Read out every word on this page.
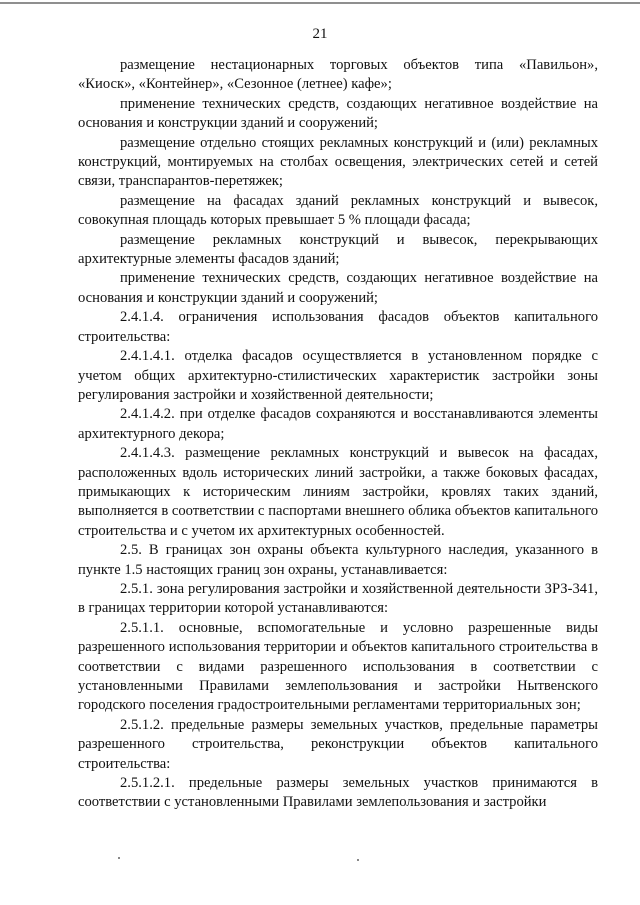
21

размещение нестационарных торговых объектов типа «Павильон», «Киоск», «Контейнер», «Сезонное (летнее) кафе»;

применение технических средств, создающих негативное воздействие на основания и конструкции зданий и сооружений;

размещение отдельно стоящих рекламных конструкций и (или) рекламных конструкций, монтируемых на столбах освещения, электрических сетей и сетей связи, транспарантов-перетяжек;

размещение на фасадах зданий рекламных конструкций и вывесок, совокупная площадь которых превышает 5 % площади фасада;

размещение рекламных конструкций и вывесок, перекрывающих архитектурные элементы фасадов зданий;

применение технических средств, создающих негативное воздействие на основания и конструкции зданий и сооружений;

2.4.1.4. ограничения использования фасадов объектов капитального строительства:

2.4.1.4.1. отделка фасадов осуществляется в установленном порядке с учетом общих архитектурно-стилистических характеристик застройки зоны регулирования застройки и хозяйственной деятельности;

2.4.1.4.2. при отделке фасадов сохраняются и восстанавливаются элементы архитектурного декора;

2.4.1.4.3. размещение рекламных конструкций и вывесок на фасадах, расположенных вдоль исторических линий застройки, а также боковых фасадах, примыкающих к историческим линиям застройки, кровлях таких зданий, выполняется в соответствии с паспортами внешнего облика объектов капитального строительства и с учетом их архитектурных особенностей.

2.5. В границах зон охраны объекта культурного наследия, указанного в пункте 1.5 настоящих границ зон охраны, устанавливается:

2.5.1. зона регулирования застройки и хозяйственной деятельности ЗРЗ-341, в границах территории которой устанавливаются:

2.5.1.1. основные, вспомогательные и условно разрешенные виды разрешенного использования территории и объектов капитального строительства в соответствии с видами разрешенного использования в соответствии с установленными Правилами землепользования и застройки Нытвенского городского поселения градостроительными регламентами территориальных зон;

2.5.1.2. предельные размеры земельных участков, предельные параметры разрешенного строительства, реконструкции объектов капитального строительства:

2.5.1.2.1. предельные размеры земельных участков принимаются в соответствии с установленными Правилами землепользования и застройки
